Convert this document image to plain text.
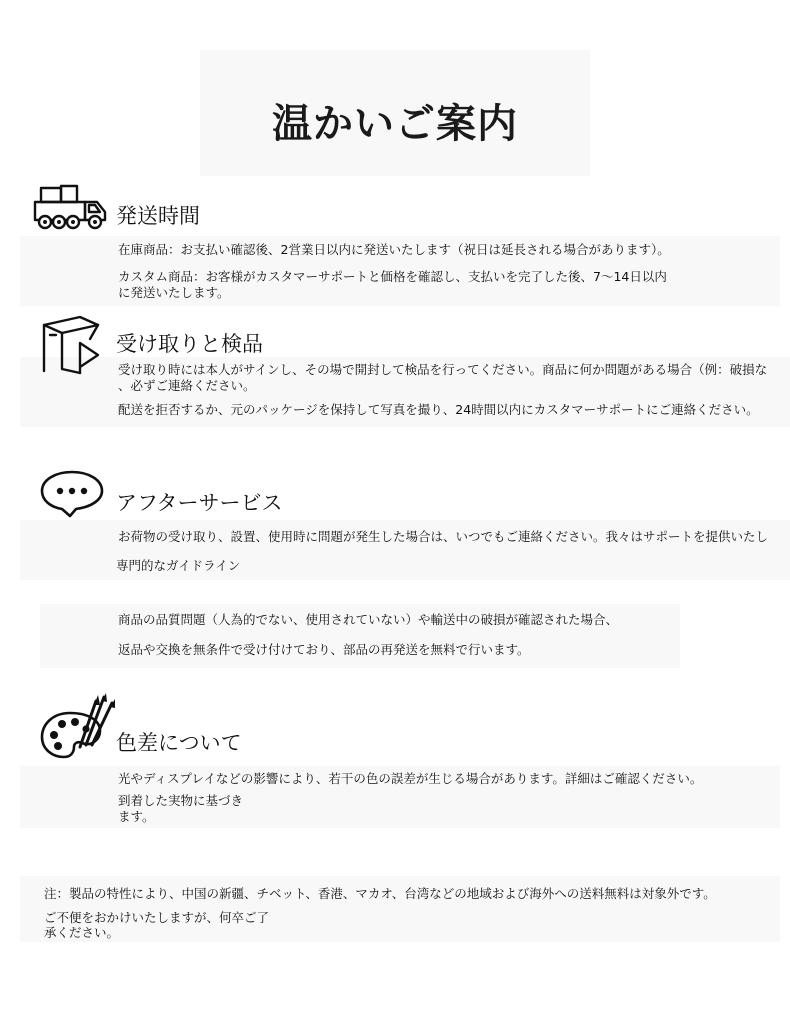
温かいご案内
発送時間
在庫商品：お支払い確認後、2営業日以内に発送いたします（祝日は延長される場合があります）。
カスタム商品：お客様がカスタマーサポートと価格を確認し、支払いを完了した後、7〜14日以内
に発送いたします。
受け取りと検品
受け取り時には本人がサインし、その場で開封して検品を行ってください。商品に何か問題がある場合（例：破損な
、必ずご連絡ください。
配送を拒否するか、元のパッケージを保持して写真を撮り、24時間以内にカスタマーサポートにご連絡ください。
アフターサービス
お荷物の受け取り、設置、使用時に問題が発生した場合は、いつでもご連絡ください。我々はサポートを提供いたし
専門的なガイドライン
商品の品質問題（人為的でない、使用されていない）や輸送中の破損が確認された場合、
返品や交換を無条件で受け付けており、部品の再発送を無料で行います。
色差について
光やディスプレイなどの影響により、若干の色の誤差が生じる場合があります。詳細はご確認ください。
到着した実物に基づき
ます。
注：製品の特性により、中国の新疆、チベット、香港、マカオ、台湾などの地域および海外への送料無料は対象外です。
ご不便をおかけいたしますが、何卒ご了
承ください。
